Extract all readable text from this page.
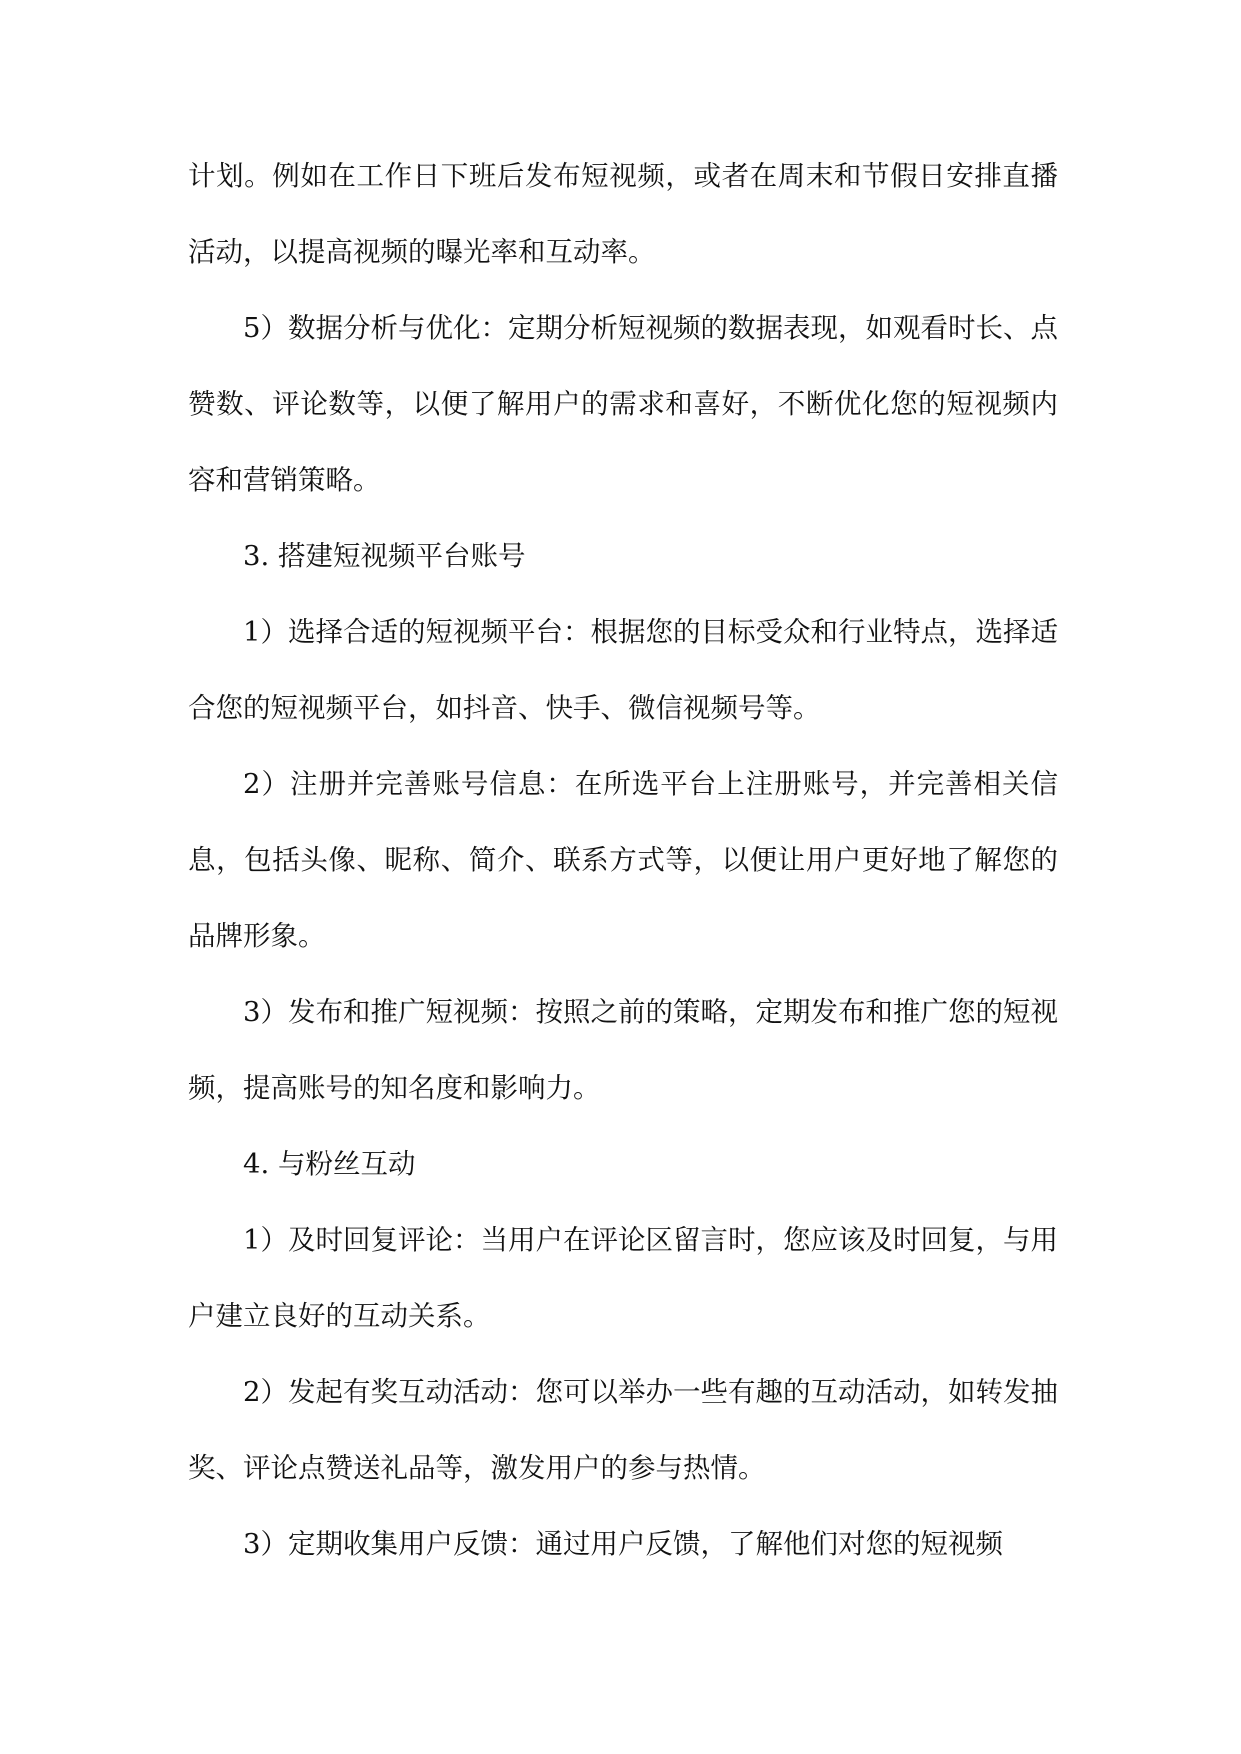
计划。例如在工作日下班后发布短视频，或者在周末和节假日安排直播活动，以提高视频的曝光率和互动率。

5）数据分析与优化：定期分析短视频的数据表现，如观看时长、点赞数、评论数等，以便了解用户的需求和喜好，不断优化您的短视频内容和营销策略。

3. 搭建短视频平台账号

1）选择合适的短视频平台：根据您的目标受众和行业特点，选择适合您的短视频平台，如抖音、快手、微信视频号等。

2）注册并完善账号信息：在所选平台上注册账号，并完善相关信息，包括头像、昵称、简介、联系方式等，以便让用户更好地了解您的品牌形象。

3）发布和推广短视频：按照之前的策略，定期发布和推广您的短视频，提高账号的知名度和影响力。

4. 与粉丝互动

1）及时回复评论：当用户在评论区留言时，您应该及时回复，与用户建立良好的互动关系。

2）发起有奖互动活动：您可以举办一些有趣的互动活动，如转发抽奖、评论点赞送礼品等，激发用户的参与热情。

3）定期收集用户反馈：通过用户反馈，了解他们对您的短视频
